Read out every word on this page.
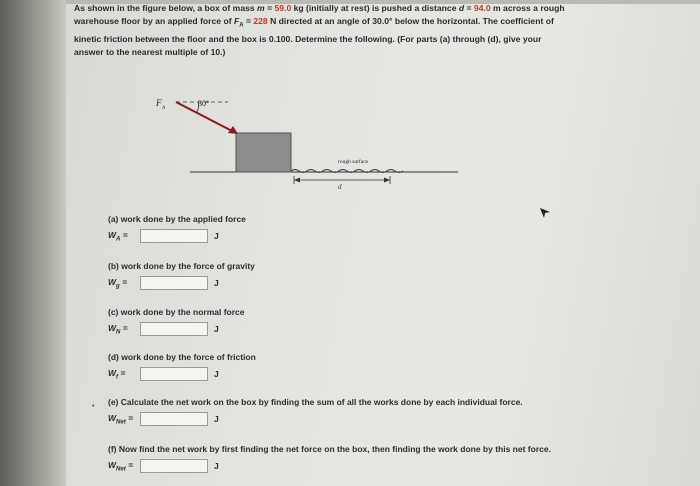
As shown in the figure below, a box of mass m = 59.0 kg (initially at rest) is pushed a distance d = 94.0 m across a rough
warehouse floor by an applied force of $F_A = 228$ N directed at an angle of 30.0° below the horizontal. The coefficient of
kinetic friction between the floor and the box is 0.100. Determine the following. (For parts (a) through (d), give your
answer to the nearest multiple of 10.)
rough surface
d
F
A
30°
(a) work done by the applied force
$W_A$ =	J
(b) work done by the force of gravity
$W_g$ =	J
(c) work done by the normal force
$W_N$ =	J
(d) work done by the force of friction
$W_f$ =	J
• (e) Calculate the net work on the box by finding the sum of all the works done by each individual force.
$W_{Net}$ =	J
(f) Now find the net work by first finding the net force on the box, then finding the work done by this net force.
$W_{Net}$ =	J
